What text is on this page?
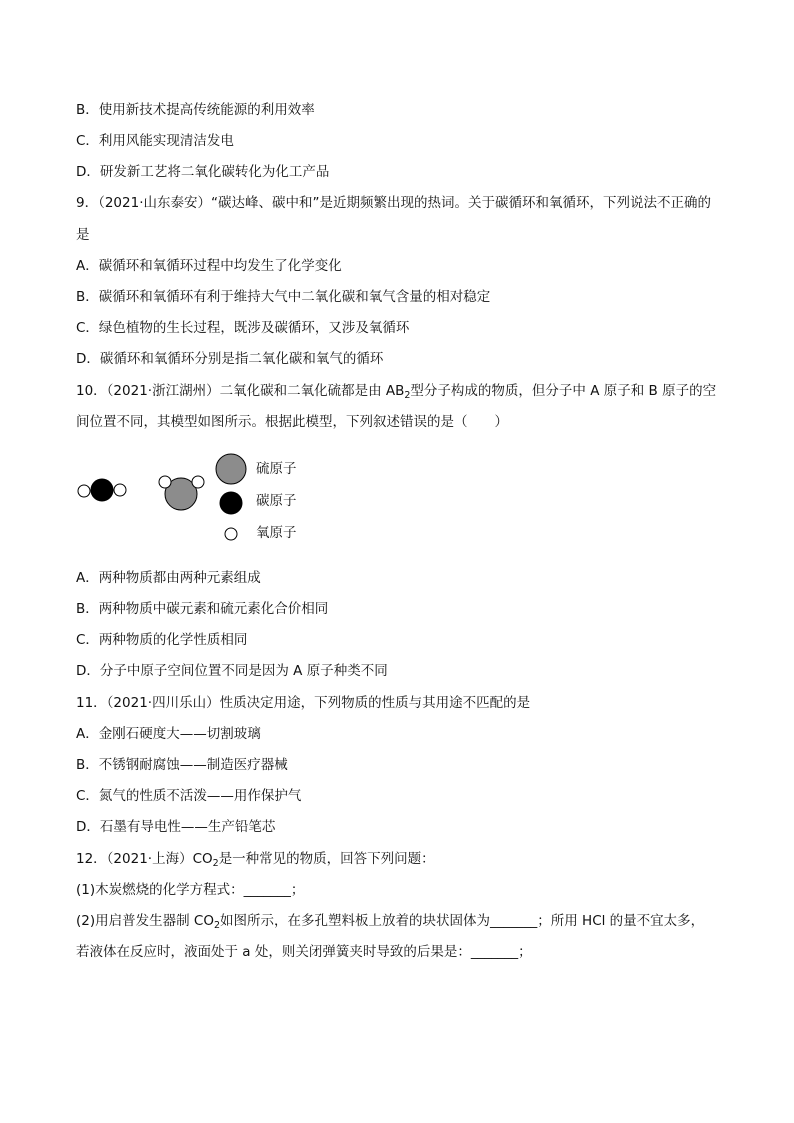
B．使用新技术提高传统能源的利用效率
C．利用风能实现清洁发电
D．研发新工艺将二氧化碳转化为化工产品
9．（2021·山东泰安）“碳达峰、碳中和”是近期频繁出现的热词。关于碳循环和氧循环，下列说法不正确的
是
A．碳循环和氧循环过程中均发生了化学变化
B．碳循环和氧循环有利于维持大气中二氧化碳和氧气含量的相对稳定
C．绿色植物的生长过程，既涉及碳循环，又涉及氧循环
D．碳循环和氧循环分别是指二氧化碳和氧气的循环
10．（2021·浙江湖州）二氧化碳和二氧化硫都是由 $AB_2$型分子构成的物质，但分子中 A 原子和 B 原子的空
间位置不同，其模型如图所示。根据此模型，下列叙述错误的是（　　）
硫原子
碳原子
氧原子
A．两种物质都由两种元素组成
B．两种物质中碳元素和硫元素化合价相同
C．两种物质的化学性质相同
D．分子中原子空间位置不同是因为 A 原子种类不同
11．（2021·四川乐山）性质决定用途，下列物质的性质与其用途不匹配的是
A．金刚石硬度大——切割玻璃
B．不锈钢耐腐蚀——制造医疗器械
C．氮气的性质不活泼——用作保护气
D．石墨有导电性——生产铅笔芯
12．（2021·上海）$CO_2$是一种常见的物质，回答下列问题：
(1)木炭燃烧的化学方程式：_______；
(2)用启普发生器制 $CO_2$如图所示，在多孔塑料板上放着的块状固体为_______；所用 HCl 的量不宜太多，
若液体在反应时，液面处于 a 处，则关闭弹簧夹时导致的后果是：_______；
